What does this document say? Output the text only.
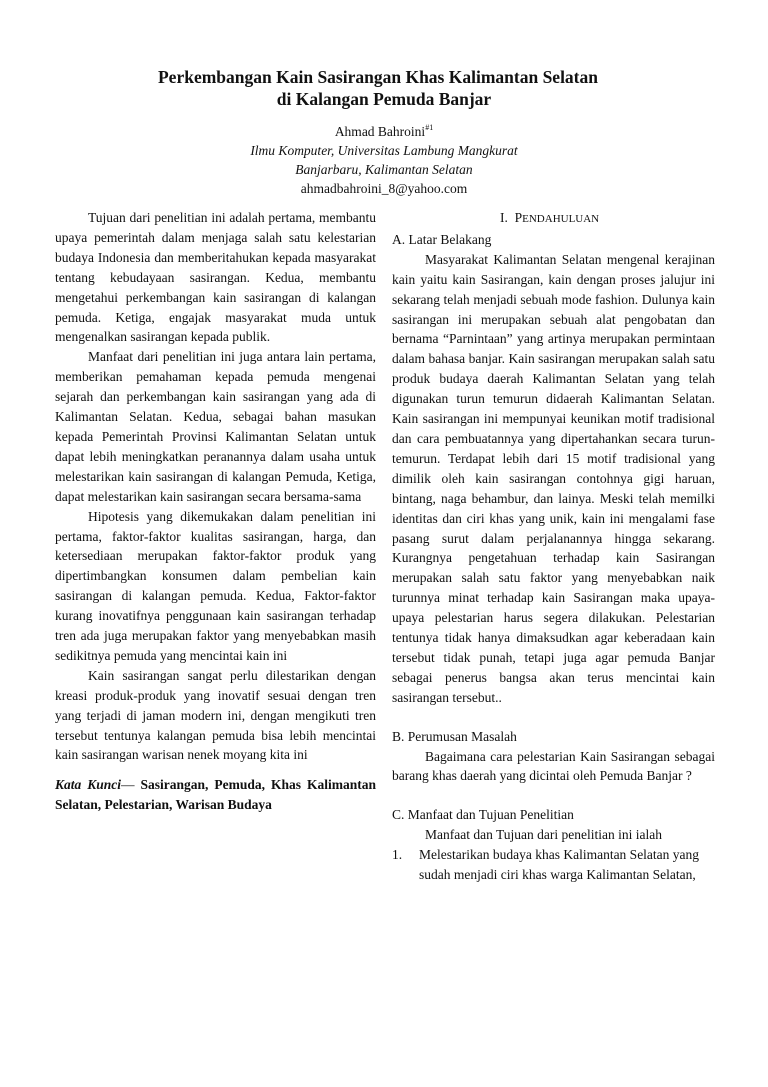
Perkembangan Kain Sasirangan Khas Kalimantan Selatan
di Kalangan Pemuda Banjar
Ahmad Bahroini$^{\#1}$
Ilmu Komputer, Universitas Lambung Mangkurat
Banjarbaru, Kalimantan Selatan
ahmadbahroini_8@yahoo.com

Tujuan dari penelitian ini adalah pertama, membantu upaya pemerintah dalam menjaga salah satu kelestarian budaya Indonesia dan memberitahukan kepada masyarakat tentang kebudayaan sasirangan. Kedua, membantu mengetahui perkembangan kain sasirangan di kalangan pemuda. Ketiga, engajak masyarakat muda untuk mengenalkan sasirangan kepada publik.

Manfaat dari penelitian ini juga antara lain pertama, memberikan pemahaman kepada pemuda mengenai sejarah dan perkembangan kain sasirangan yang ada di Kalimantan Selatan. Kedua, sebagai bahan masukan kepada Pemerintah Provinsi Kalimantan Selatan untuk dapat lebih meningkatkan peranannya dalam usaha untuk melestarikan kain sasirangan di kalangan Pemuda, Ketiga, dapat melestarikan kain sasirangan secara bersama-sama

Hipotesis yang dikemukakan dalam penelitian ini pertama, faktor-faktor kualitas sasirangan, harga, dan ketersediaan merupakan faktor-faktor produk yang dipertimbangkan konsumen dalam pembelian kain sasirangan di kalangan pemuda. Kedua, Faktor-faktor kurang inovatifnya penggunaan kain sasirangan terhadap tren ada juga merupakan faktor yang menyebabkan masih sedikitnya pemuda yang mencintai kain ini

Kain sasirangan sangat perlu dilestarikan dengan kreasi produk-produk yang inovatif sesuai dengan tren yang terjadi di jaman modern ini, dengan mengikuti tren tersebut tentunya kalangan pemuda bisa lebih mencintai kain sasirangan warisan nenek moyang kita ini

Kata Kunci— Sasirangan, Pemuda, Khas Kalimantan Selatan, Pelestarian, Warisan Budaya

I. PENDAHULUAN

A. Latar Belakang

Masyarakat Kalimantan Selatan mengenal kerajinan kain yaitu kain Sasirangan, kain dengan proses jalujur ini sekarang telah menjadi sebuah mode fashion. Dulunya kain sasirangan ini merupakan sebuah alat pengobatan dan bernama “Parnintaan” yang artinya merupakan permintaan dalam bahasa banjar. Kain sasirangan merupakan salah satu produk budaya daerah Kalimantan Selatan yang telah digunakan turun temurun didaerah Kalimantan Selatan. Kain sasirangan ini mempunyai keunikan motif tradisional dan cara pembuatannya yang dipertahankan secara turun-temurun. Terdapat lebih dari 15 motif tradisional yang dimilik oleh kain sasirangan contohnya gigi haruan, bintang, naga behambur, dan lainya. Meski telah memilki identitas dan ciri khas yang unik, kain ini mengalami fase pasang surut dalam perjalanannya hingga sekarang. Kurangnya pengetahuan terhadap kain Sasirangan merupakan salah satu faktor yang menyebabkan naik turunnya minat terhadap kain Sasirangan maka upaya-upaya pelestarian harus segera dilakukan. Pelestarian tentunya tidak hanya dimaksudkan agar keberadaan kain tersebut tidak punah, tetapi juga agar pemuda Banjar sebagai penerus bangsa akan terus mencintai kain sasirangan tersebut..

B. Perumusan Masalah

Bagaimana cara pelestarian Kain Sasirangan sebagai barang khas daerah yang dicintai oleh Pemuda Banjar ?

C. Manfaat dan Tujuan Penelitian

Manfaat dan Tujuan dari penelitian ini ialah

1.	Melestarikan budaya khas Kalimantan Selatan yang sudah menjadi ciri khas warga Kalimantan Selatan,
